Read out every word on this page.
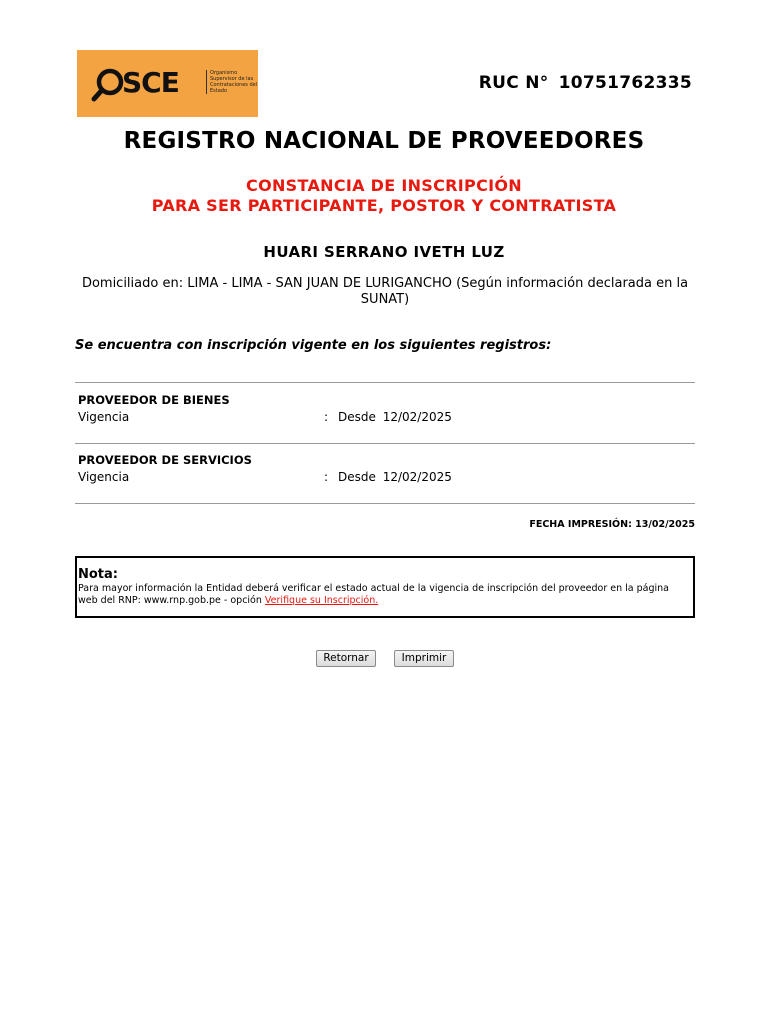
SCE	Organismo Supervisor de las Contrataciones del Estado	RUC N° 10751762335
REGISTRO NACIONAL DE PROVEEDORES
CONSTANCIA DE INSCRIPCIÓN
PARA SER PARTICIPANTE, POSTOR Y CONTRATISTA
HUARI SERRANO IVETH LUZ
Domiciliado en: LIMA - LIMA - SAN JUAN DE LURIGANCHO (Según información declarada en la SUNAT)
Se encuentra con inscripción vigente en los siguientes registros:
PROVEEDOR DE BIENES
Vigencia	: Desde 12/02/2025
PROVEEDOR DE SERVICIOS
Vigencia	: Desde 12/02/2025
FECHA IMPRESIÓN: 13/02/2025
Nota:
Para mayor información la Entidad deberá verificar el estado actual de la vigencia de inscripción del proveedor en la página web del RNP: www.rnp.gob.pe - opción Verifique su Inscripción.
Retornar	Imprimir
